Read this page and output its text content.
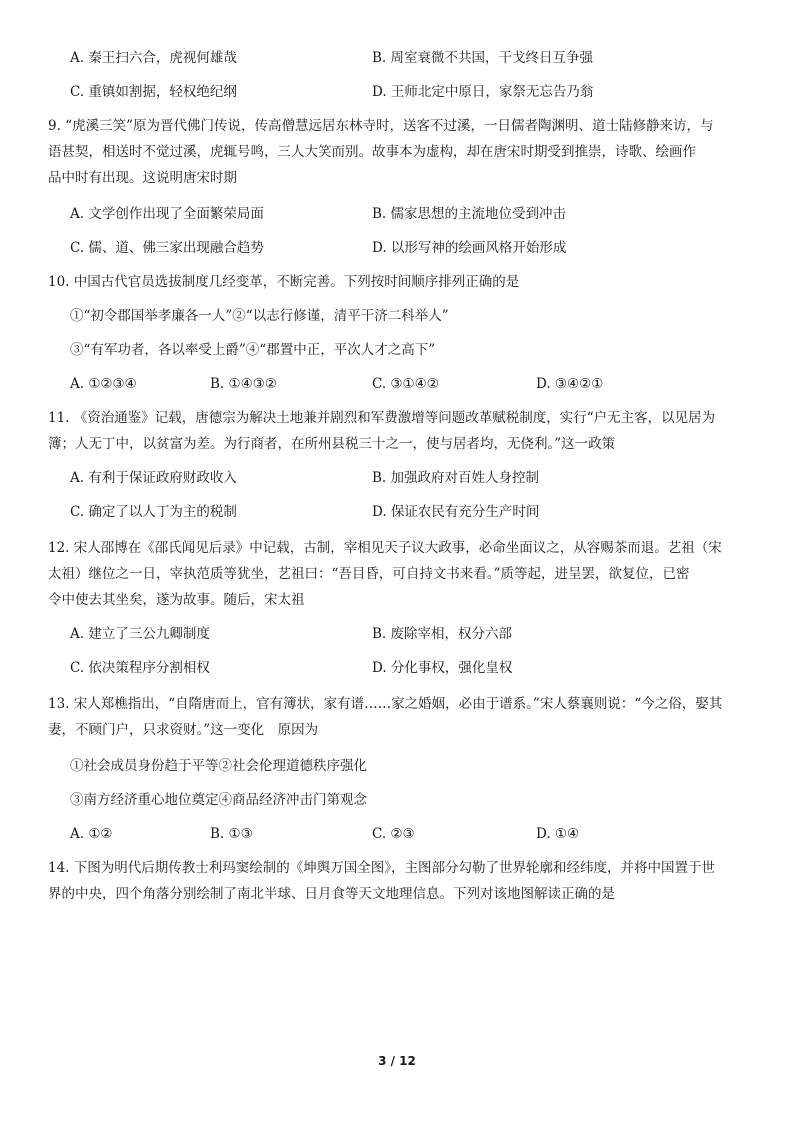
A. 秦王扫六合，虎视何雄哉	B. 周室衰微不共国，干戈终日互争强
C. 重镇如割据，轻权绝纪纲	D. 王师北定中原日，家祭无忘告乃翁
9. “虎溪三笑”原为晋代佛门传说，传高僧慧远居东林寺时，送客不过溪，一日儒者陶渊明、道士陆修静来访，与
语甚契，相送时不觉过溪，虎辄号鸣，三人大笑而别。故事本为虚构，却在唐宋时期受到推崇，诗歌、绘画作
品中时有出现。这说明唐宋时期
A. 文学创作出现了全面繁荣局面	B. 儒家思想的主流地位受到冲击
C. 儒、道、佛三家出现融合趋势	D. 以形写神的绘画风格开始形成
10. 中国古代官员选拔制度几经变革，不断完善。下列按时间顺序排列正确的是
①“初令郡国举孝廉各一人”②“以志行修谨，清平干济二科举人”
③“有军功者，各以率受上爵”④“郡置中正，平次人才之高下”
A. ①②③④	B. ①④③②	C. ③①④②	D. ③④②①
11. 《资治通鉴》记载，唐德宗为解决土地兼并剧烈和军费激增等问题改革赋税制度，实行“户无主客，以见居为
簿；人无丁中，以贫富为差。为行商者，在所州县税三十之一，使与居者均，无侥利。”这一政策
A. 有利于保证政府财政收入	B. 加强政府对百姓人身控制
C. 确定了以人丁为主的税制	D. 保证农民有充分生产时间
12. 宋人邵博在《邵氏闻见后录》中记载，古制，宰相见天子议大政事，必命坐面议之，从容赐茶而退。艺祖（宋
太祖）继位之一日，宰执范质等犹坐，艺祖曰：“吾目昏，可自持文书来看。”质等起，进呈罢，欲复位，已密
令中使去其坐矣，遂为故事。随后，宋太祖
A. 建立了三公九卿制度	B. 废除宰相，权分六部
C. 依决策程序分割相权	D. 分化事权，强化皇权
13. 宋人郑樵指出，“自隋唐而上，官有簿状，家有谱……家之婚姻，必由于谱系。”宋人蔡襄则说：“今之俗，娶其
妻，不顾门户，只求资财。”这一变化　原因为
①社会成员身份趋于平等②社会伦理道德秩序强化
③南方经济重心地位奠定④商品经济冲击门第观念
A. ①②	B. ①③	C. ②③	D. ①④
14. 下图为明代后期传教士利玛窦绘制的《坤舆万国全图》，主图部分勾勒了世界轮廓和经纬度，并将中国置于世
界的中央，四个角落分别绘制了南北半球、日月食等天文地理信息。下列对该地图解读正确的是
3 / 12
